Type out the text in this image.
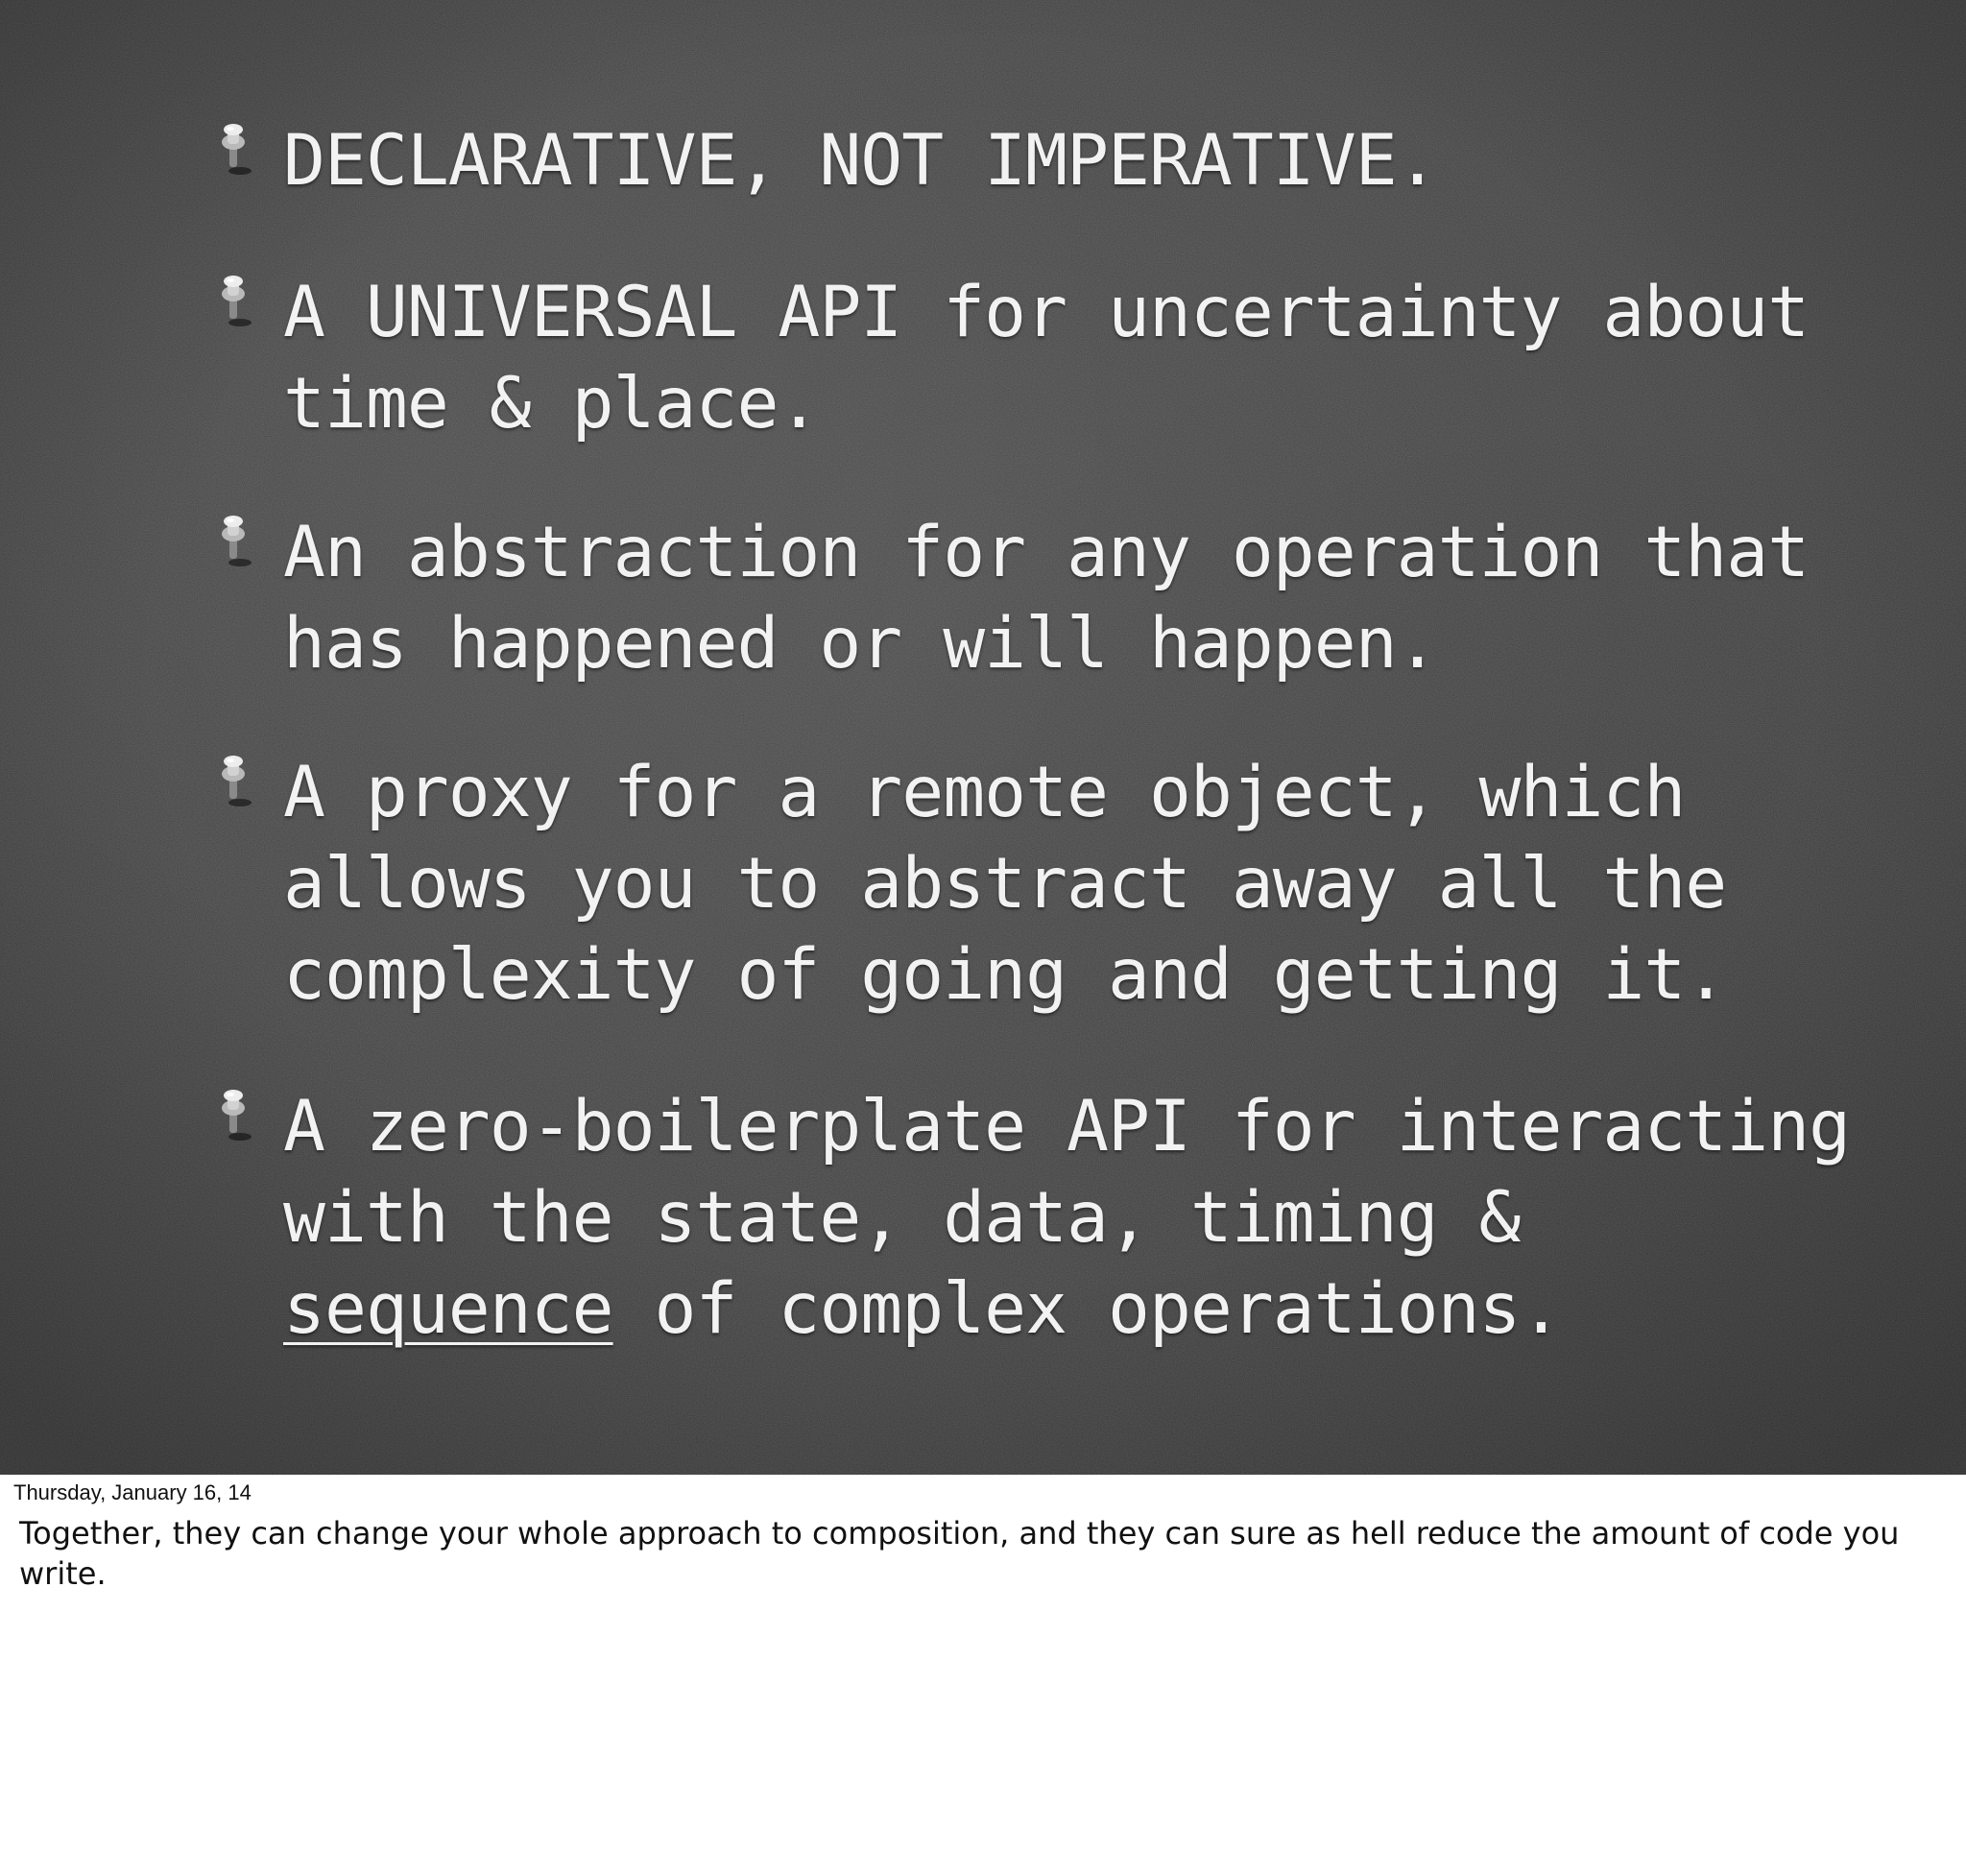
DECLARATIVE, NOT IMPERATIVE.
A UNIVERSAL API for uncertainty about
time & place.
An abstraction for any operation that
has happened or will happen.
A proxy for a remote object, which
allows you to abstract away all the
complexity of going and getting it.
A zero-boilerplate API for interacting
with the state, data, timing &
sequence of complex operations.
Thursday, January 16, 14
Together, they can change your whole approach to composition, and they can sure as hell reduce the amount of code you write.
